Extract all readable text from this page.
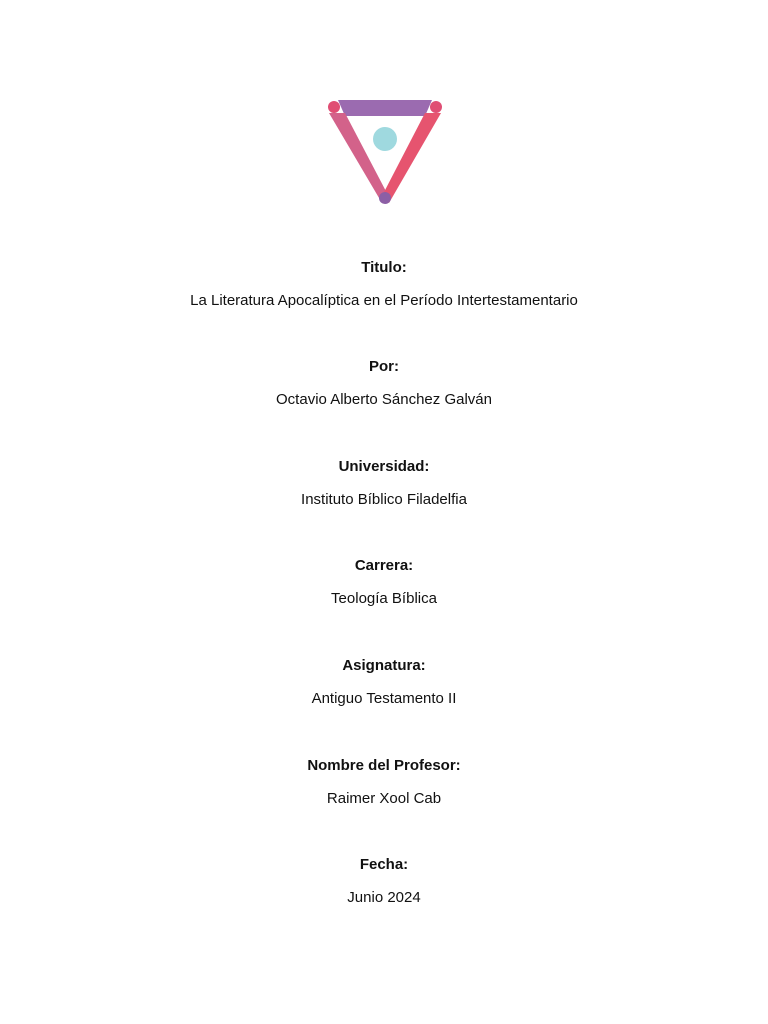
Titulo:
La Literatura Apocalíptica en el Período Intertestamentario
Por:
Octavio Alberto Sánchez Galván
Universidad:
Instituto Bíblico Filadelfia
Carrera:
Teología Bíblica
Asignatura:
Antiguo Testamento II
Nombre del Profesor:
Raimer Xool Cab
Fecha:
Junio 2024
